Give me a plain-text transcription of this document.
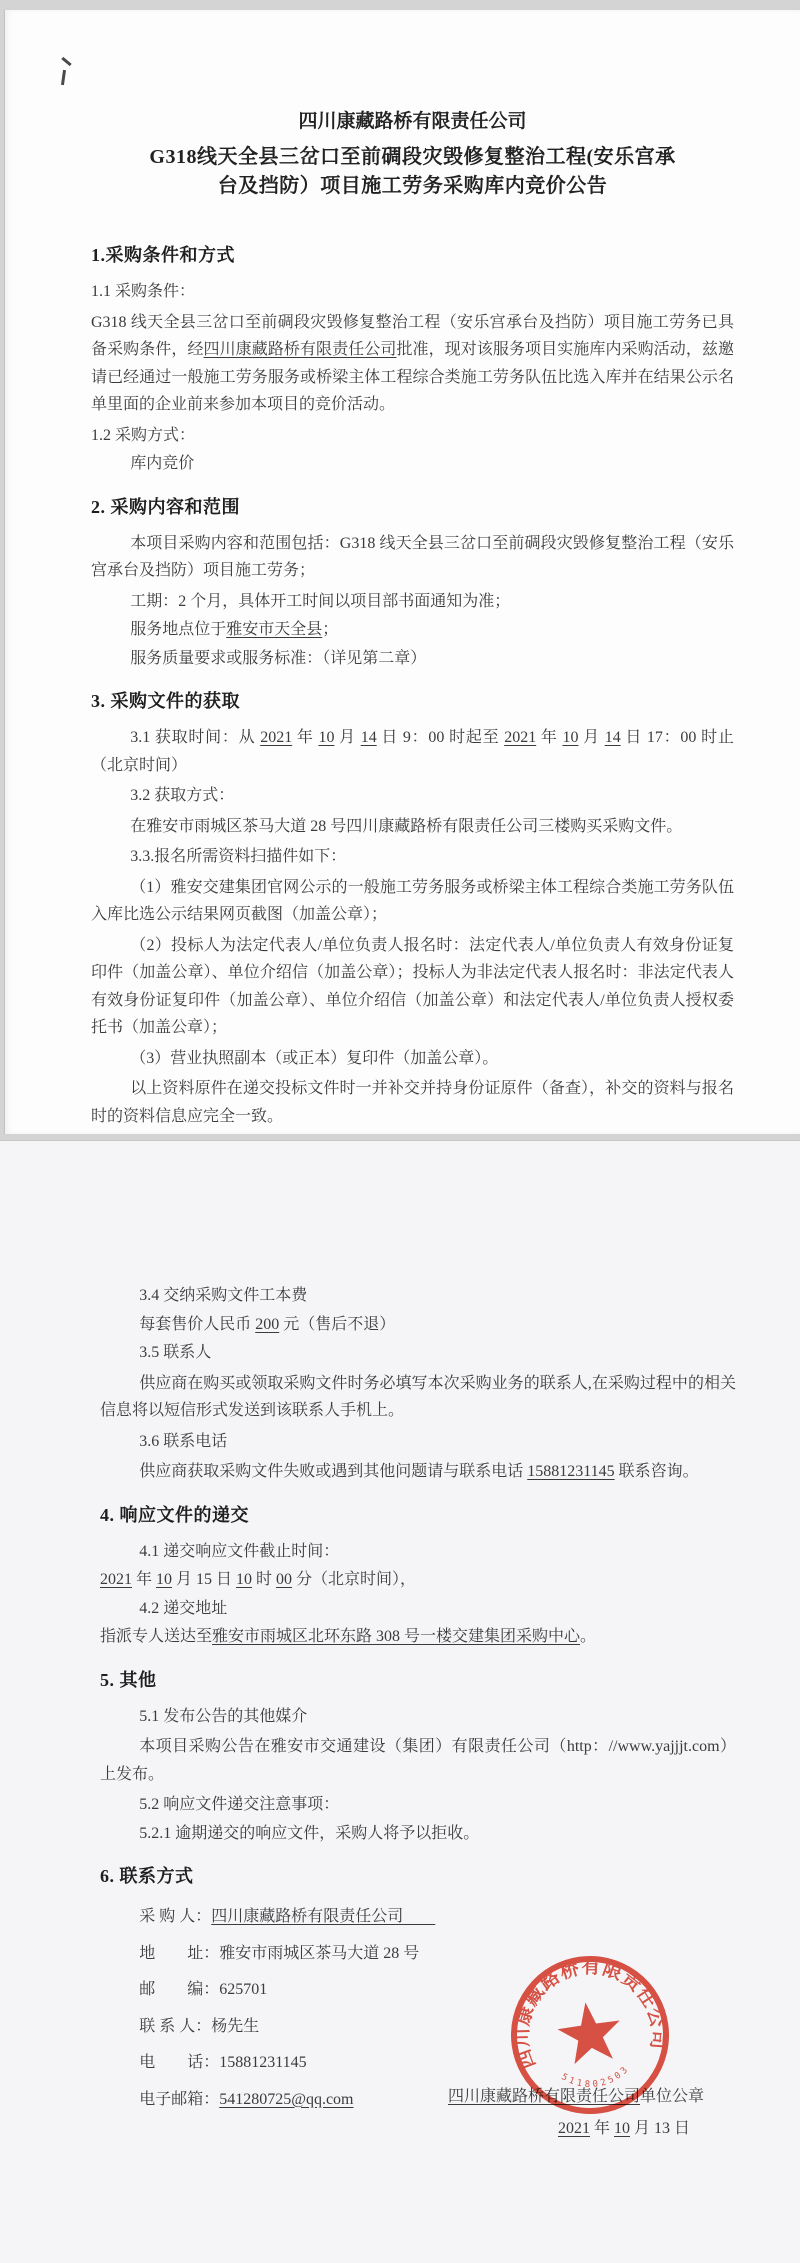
四川康藏路桥有限责任公司
G318线天全县三岔口至前碉段灾毁修复整治工程(安乐宫承
台及挡防）项目施工劳务采购库内竞价公告
1.采购条件和方式
1.1 采购条件：
G318 线天全县三岔口至前碉段灾毁修复整治工程（安乐宫承台及挡防）项目施工劳务已具备采购条件，经四川康藏路桥有限责任公司批准，现对该服务项目实施库内采购活动，兹邀请已经通过一般施工劳务服务或桥梁主体工程综合类施工劳务队伍比选入库并在结果公示名单里面的企业前来参加本项目的竞价活动。
1.2 采购方式：
库内竞价
2. 采购内容和范围
本项目采购内容和范围包括：G318 线天全县三岔口至前碉段灾毁修复整治工程（安乐宫承台及挡防）项目施工劳务；
工期：2 个月，具体开工时间以项目部书面通知为准；
服务地点位于雅安市天全县；
服务质量要求或服务标准：（详见第二章）
3. 采购文件的获取
3.1 获取时间：从 2021 年 10 月 14 日 9：00 时起至 2021 年 10 月 14 日 17：00 时止（北京时间）
3.2 获取方式：
在雅安市雨城区茶马大道 28 号四川康藏路桥有限责任公司三楼购买采购文件。
3.3.报名所需资料扫描件如下：
（1）雅安交建集团官网公示的一般施工劳务服务或桥梁主体工程综合类施工劳务队伍入库比选公示结果网页截图（加盖公章）；
（2）投标人为法定代表人/单位负责人报名时：法定代表人/单位负责人有效身份证复印件（加盖公章）、单位介绍信（加盖公章）；投标人为非法定代表人报名时：非法定代表人有效身份证复印件（加盖公章）、单位介绍信（加盖公章）和法定代表人/单位负责人授权委托书（加盖公章）；
（3）营业执照副本（或正本）复印件（加盖公章）。
以上资料原件在递交投标文件时一并补交并持身份证原件（备查），补交的资料与报名时的资料信息应完全一致。
3.4 交纳采购文件工本费
每套售价人民币 200 元（售后不退）
3.5 联系人
供应商在购买或领取采购文件时务必填写本次采购业务的联系人,在采购过程中的相关信息将以短信形式发送到该联系人手机上。
3.6 联系电话
供应商获取采购文件失败或遇到其他问题请与联系电话 15881231145 联系咨询。
4. 响应文件的递交
4.1 递交响应文件截止时间：
2021 年 10 月 15 日 10 时 00 分（北京时间），
4.2 递交地址
指派专人送达至雅安市雨城区北环东路 308 号一楼交建集团采购中心。
5. 其他
5.1 发布公告的其他媒介
本项目采购公告在雅安市交通建设（集团）有限责任公司（http：//www.yajjjt.com）上发布。
5.2 响应文件递交注意事项：
5.2.1 逾期递交的响应文件，采购人将予以拒收。
6. 联系方式
采 购 人：四川康藏路桥有限责任公司　　
地　　址：雅安市雨城区茶马大道 28 号
邮　　编：625701
联 系 人：杨先生
电　　话：15881231145
电子邮箱：541280725@qq.com	四川康藏路桥有限责任公司单位公章
2021 年 10 月 13 日
四川康藏路桥有限责任公司
511802503
